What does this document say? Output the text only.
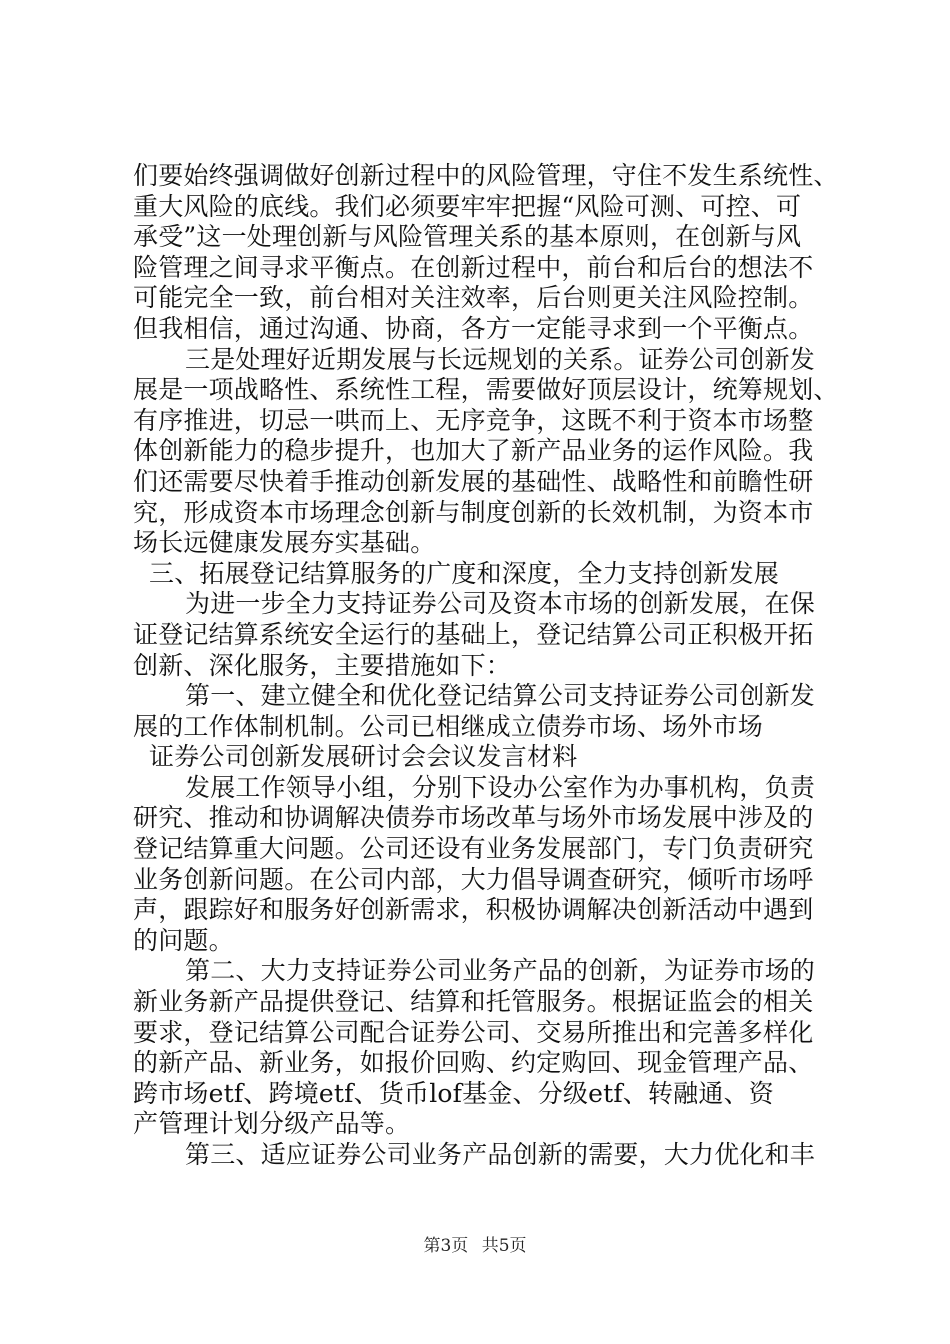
们要始终强调做好创新过程中的风险管理，守住不发生系统性、
重大风险的底线。我们必须要牢牢把握“风险可测、可控、可
承受”这一处理创新与风险管理关系的基本原则，在创新与风
险管理之间寻求平衡点。在创新过程中，前台和后台的想法不
可能完全一致，前台相对关注效率，后台则更关注风险控制。
但我相信，通过沟通、协商，各方一定能寻求到一个平衡点。
三是处理好近期发展与长远规划的关系。证券公司创新发
展是一项战略性、系统性工程，需要做好顶层设计，统筹规划、
有序推进，切忌一哄而上、无序竞争，这既不利于资本市场整
体创新能力的稳步提升，也加大了新产品业务的运作风险。我
们还需要尽快着手推动创新发展的基础性、战略性和前瞻性研
究，形成资本市场理念创新与制度创新的长效机制，为资本市
场长远健康发展夯实基础。
三、拓展登记结算服务的广度和深度，全力支持创新发展
为进一步全力支持证券公司及资本市场的创新发展，在保
证登记结算系统安全运行的基础上，登记结算公司正积极开拓
创新、深化服务，主要措施如下：
第一、建立健全和优化登记结算公司支持证券公司创新发
展的工作体制机制。公司已相继成立债券市场、场外市场
证券公司创新发展研讨会会议发言材料
发展工作领导小组，分别下设办公室作为办事机构，负责
研究、推动和协调解决债券市场改革与场外市场发展中涉及的
登记结算重大问题。公司还设有业务发展部门，专门负责研究
业务创新问题。在公司内部，大力倡导调查研究，倾听市场呼
声，跟踪好和服务好创新需求，积极协调解决创新活动中遇到
的问题。
第二、大力支持证券公司业务产品的创新，为证券市场的
新业务新产品提供登记、结算和托管服务。根据证监会的相关
要求，登记结算公司配合证券公司、交易所推出和完善多样化
的新产品、新业务，如报价回购、约定购回、现金管理产品、
跨市场etf、跨境etf、货币lof基金、分级etf、转融通、资
产管理计划分级产品等。
第三、适应证券公司业务产品创新的需要，大力优化和丰
第3页 共5页
